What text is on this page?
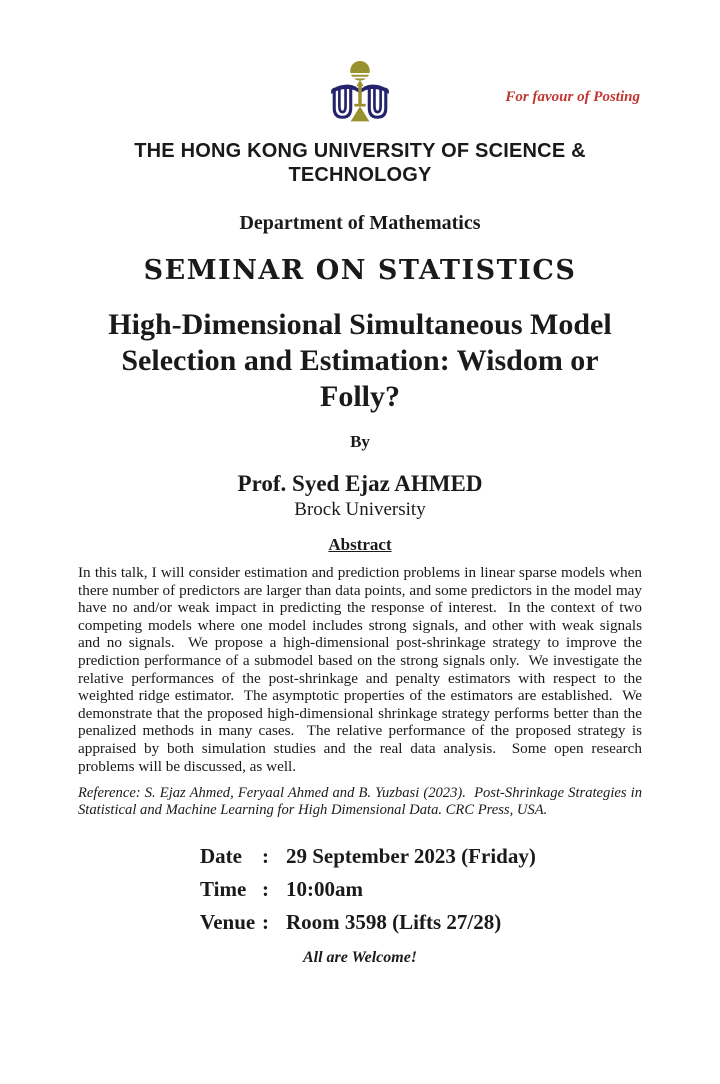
For favour of Posting
THE HONG KONG UNIVERSITY OF SCIENCE & TECHNOLOGY
Department of Mathematics
SEMINAR ON STATISTICS
High-Dimensional Simultaneous Model
Selection and Estimation: Wisdom or
Folly?
By
Prof. Syed Ejaz AHMED
Brock University
Abstract

In this talk, I will consider estimation and prediction problems in linear sparse models when there number of predictors are larger than data points, and some predictors in the model may have no and/or weak impact in predicting the response of interest.  In the context of two competing models where one model includes strong signals, and other with weak signals and no signals.  We propose a high-dimensional post-shrinkage strategy to improve the prediction performance of a submodel based on the strong signals only.  We investigate the relative performances of the post-shrinkage and penalty estimators with respect to the weighted ridge estimator.  The asymptotic properties of the estimators are established.  We demonstrate that the proposed high-dimensional shrinkage strategy performs better than the penalized methods in many cases.  The relative performance of the proposed strategy is appraised by both simulation studies and the real data analysis.  Some open research problems will be discussed, as well.

Reference: S. Ejaz Ahmed, Feryaal Ahmed and B. Yuzbasi (2023).  Post-Shrinkage Strategies in Statistical and Machine Learning for High Dimensional Data. CRC Press, USA.

Date : 29 September 2023 (Friday)
Time : 10:00am
Venue : Room 3598 (Lifts 27/28)
All are Welcome!
